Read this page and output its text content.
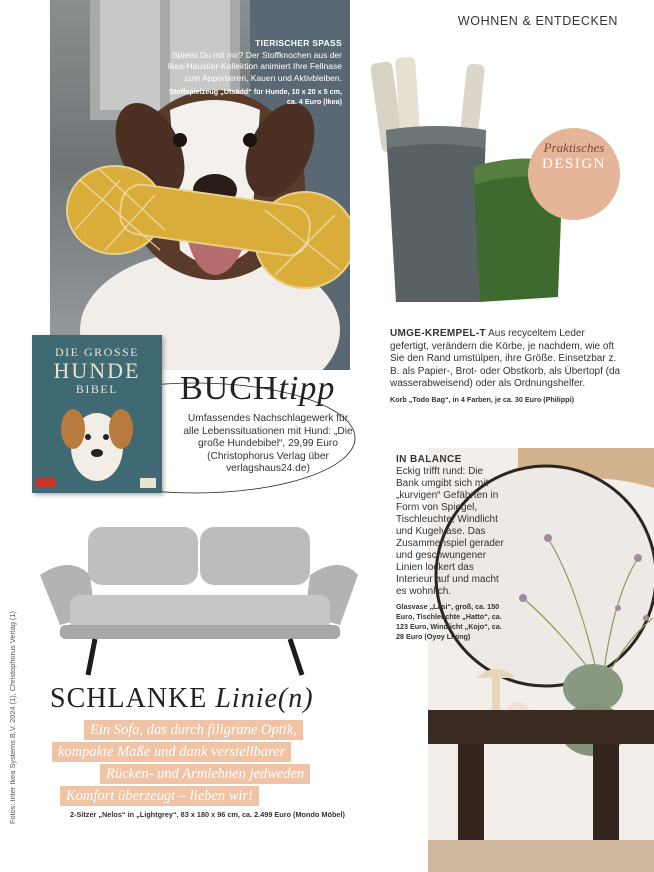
WOHNEN & ENTDECKEN
TIERISCHER SPASS
Spielst Du mit mir? Der Stoffknochen aus der Ikea-Haustier-Kollektion animiert Ihre Fellnase zum Apportieren, Kauen und Aktivbleiben.
Stoffspielzeug „Utsädd“ für Hunde, 10 x 20 x 5 cm, ca. 4 Euro (Ikea)
DIE GROSSE
HUNDE
BIBEL	BUCHtipp
Umfassendes Nachschlagewerk für alle Lebenssituationen mit Hund: „Die große Hundebibel“, 29,99 Euro (Christophorus Verlag über verlagshaus24.de)
Praktisches
DESIGN
UMGE-KREMPEL-T Aus recyceltem Leder gefertigt, verändern die Körbe, je nachdem, wie oft Sie den Rand umstülpen, ihre Größe. Einsetzbar z. B. als Papier-, Brot- oder Obstkorb, als Übertopf (da wasserabweisend) oder als Ordnungshelfer.
Korb „Todo Bag“, in 4 Farben, je ca. 30 Euro (Philippi)
IN BALANCE
Eckig trifft rund: Die Bank umgibt sich mit „kurvigen“ Gefährten in Form von Spiegel, Tischleuchte, Windlicht und Kugelvase. Das Zusammenspiel gerader und geschwungener Linien lockert das Interieur auf und macht es wohnlich.
Glasvase „Lasi“, groß, ca. 150 Euro, Tischleuchte „Hatto“, ca. 123 Euro, Windlicht „Kojo“, ca. 28 Euro (Oyoy Living)
SCHLANKE Linie(n)
Ein Sofa, das durch filigrane Optik,
kompakte Maße und dank verstellbarer
Rücken- und Armlehnen jedweden
Komfort überzeugt – lieben wir!
2-Sitzer „Nelos“ in „Lightgrey“, 83 x 180 x 96 cm, ca. 2.499 Euro (Mondo Möbel)
Fotos: Inter Ikea Systems B.V. 2024 (1), Christophorus Verlag (1)
